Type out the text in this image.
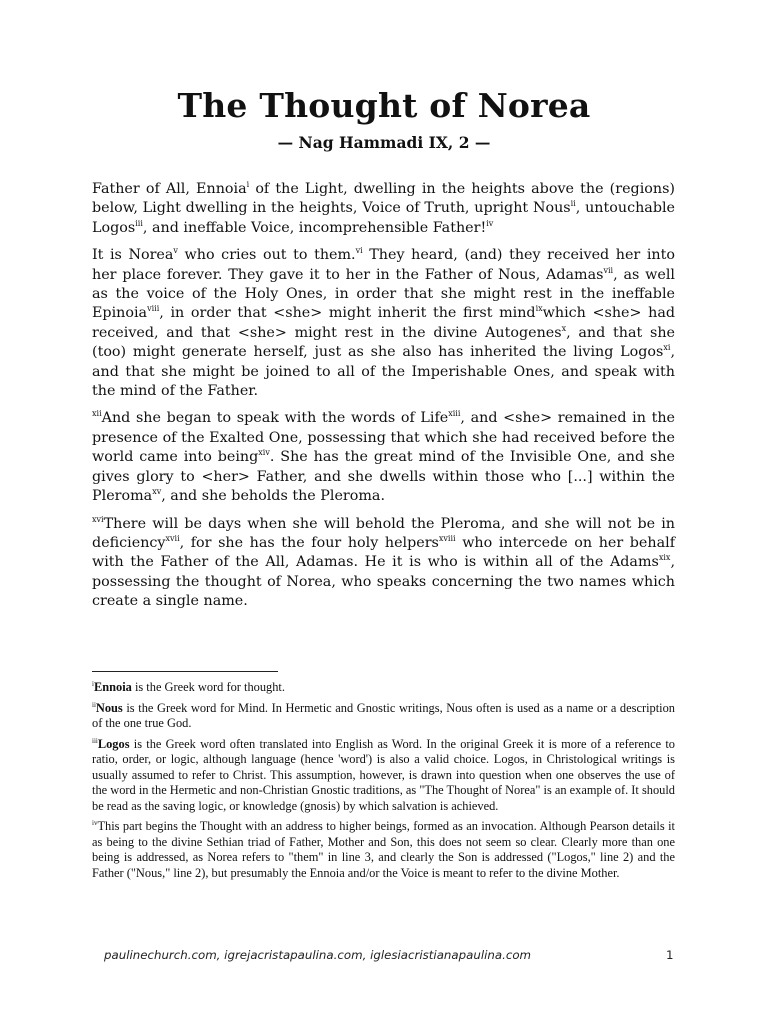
The Thought of Norea
— Nag Hammadi IX, 2 —

Father of All, Ennoia$^i$ of the Light, dwelling in the heights above the (regions) below, Light dwelling in the heights, Voice of Truth, upright Nous$^{ii}$, untouchable Logos$^{iii}$, and ineffable Voice, incomprehensible Father!$^{iv}$

It is Norea$^v$ who cries out to them.$^{vi}$ They heard, (and) they received her into her place forever. They gave it to her in the Father of Nous, Adamas$^{vii}$, as well as the voice of the Holy Ones, in order that she might rest in the ineffable Epinoia$^{viii}$, in order that <she> might inherit the first mind$^{ix}$which <she> had received, and that <she> might rest in the divine Autogenes$^x$, and that she (too) might generate herself, just as she also has inherited the living Logos$^{xi}$, and that she might be joined to all of the Imperishable Ones, and speak with the mind of the Father.

$^{xii}$And she began to speak with the words of Life$^{xiii}$, and <she> remained in the presence of the Exalted One, possessing that which she had received before the world came into being$^{xiv}$. She has the great mind of the Invisible One, and she gives glory to <her> Father, and she dwells within those who [...] within the Pleroma$^{xv}$, and she beholds the Pleroma.

$^{xvi}$There will be days when she will behold the Pleroma, and she will not be in deficiency$^{xvii}$, for she has the four holy helpers$^{xviii}$ who intercede on her behalf with the Father of the All, Adamas. He it is who is within all of the Adams$^{xix}$, possessing the thought of Norea, who speaks concerning the two names which create a single name.

$^i$Ennoia is the Greek word for thought.
$^{ii}$Nous is the Greek word for Mind. In Hermetic and Gnostic writings, Nous often is used as a name or a description of the one true God.
$^{iii}$Logos is the Greek word often translated into English as Word. In the original Greek it is more of a reference to ratio, order, or logic, although language (hence 'word') is also a valid choice. Logos, in Christological writings is usually assumed to refer to Christ. This assumption, however, is drawn into question when one observes the use of the word in the Hermetic and non-Christian Gnostic traditions, as "The Thought of Norea" is an example of. It should be read as the saving logic, or knowledge (gnosis) by which salvation is achieved.
$^{iv}$This part begins the Thought with an address to higher beings, formed as an invocation. Although Pearson details it as being to the divine Sethian triad of Father, Mother and Son, this does not seem so clear. Clearly more than one being is addressed, as Norea refers to "them" in line 3, and clearly the Son is addressed ("Logos," line 2) and the Father ("Nous," line 2), but presumably the Ennoia and/or the Voice is meant to refer to the divine Mother.
paulinechurch.com, igrejacristapaulina.com, iglesiacristianapaulina.com	1
